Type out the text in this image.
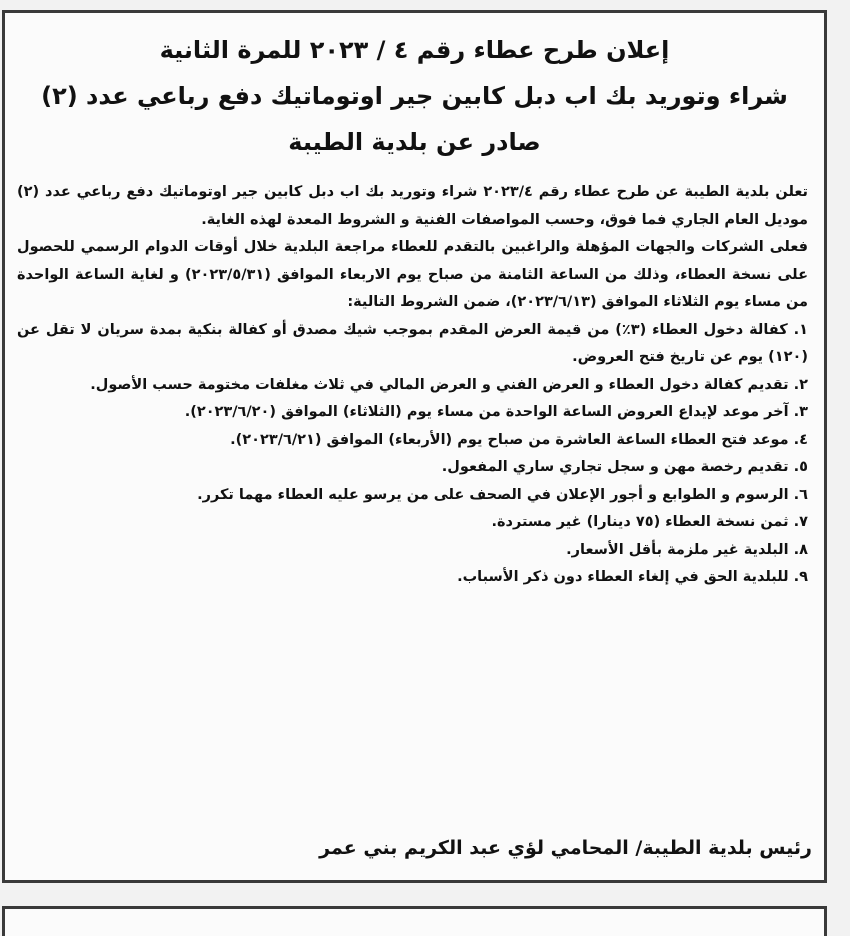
إعلان طرح عطاء رقم ٤ / ٢٠٢٣ للمرة الثانية

شراء وتوريد بك اب دبل كابين جير اوتوماتيك دفع رباعي عدد (٢)

صادر عن بلدية الطيبة

تعلن بلدية الطيبة عن طرح عطاء رقم ٢٠٢٣/٤ شراء وتوريد بك اب دبل كابين جير اوتوماتيك دفع رباعي عدد (٢) موديل العام الجاري فما فوق، وحسب المواصفات الفنية و الشروط المعدة لهذه الغاية.

فعلى الشركات والجهات المؤهلة والراغبين بالتقدم للعطاء مراجعة البلدية خلال أوقات الدوام الرسمي للحصول على نسخة العطاء، وذلك من الساعة الثامنة من صباح يوم الاربعاء الموافق (٢٠٢٣/٥/٣١) و لغاية الساعة الواحدة من مساء يوم الثلاثاء الموافق (٢٠٢٣/٦/١٣)، ضمن الشروط التالية:

١. كفالة دخول العطاء (٣٪) من قيمة العرض المقدم بموجب شيك مصدق أو كفالة بنكية بمدة سريان لا تقل عن (١٢٠) يوم عن تاريخ فتح العروض.
٢. تقديم كفالة دخول العطاء و العرض الفني و العرض المالي في ثلاث مغلفات مختومة حسب الأصول.
٣. آخر موعد لإيداع العروض الساعة الواحدة من مساء يوم (الثلاثاء) الموافق (٢٠٢٣/٦/٢٠).
٤. موعد فتح العطاء الساعة العاشرة من صباح يوم (الأربعاء) الموافق (٢٠٢٣/٦/٢١).
٥. تقديم رخصة مهن و سجل تجاري ساري المفعول.
٦. الرسوم و الطوابع و أجور الإعلان في الصحف على من يرسو عليه العطاء مهما تكرر.
٧. ثمن نسخة العطاء (٧٥ دينارا) غير مستردة.
٨. البلدية غير ملزمة بأقل الأسعار.
٩. للبلدية الحق في إلغاء العطاء دون ذكر الأسباب.
رئيس بلدية الطيبة/ المحامي لؤي عبد الكريم بني عمر
